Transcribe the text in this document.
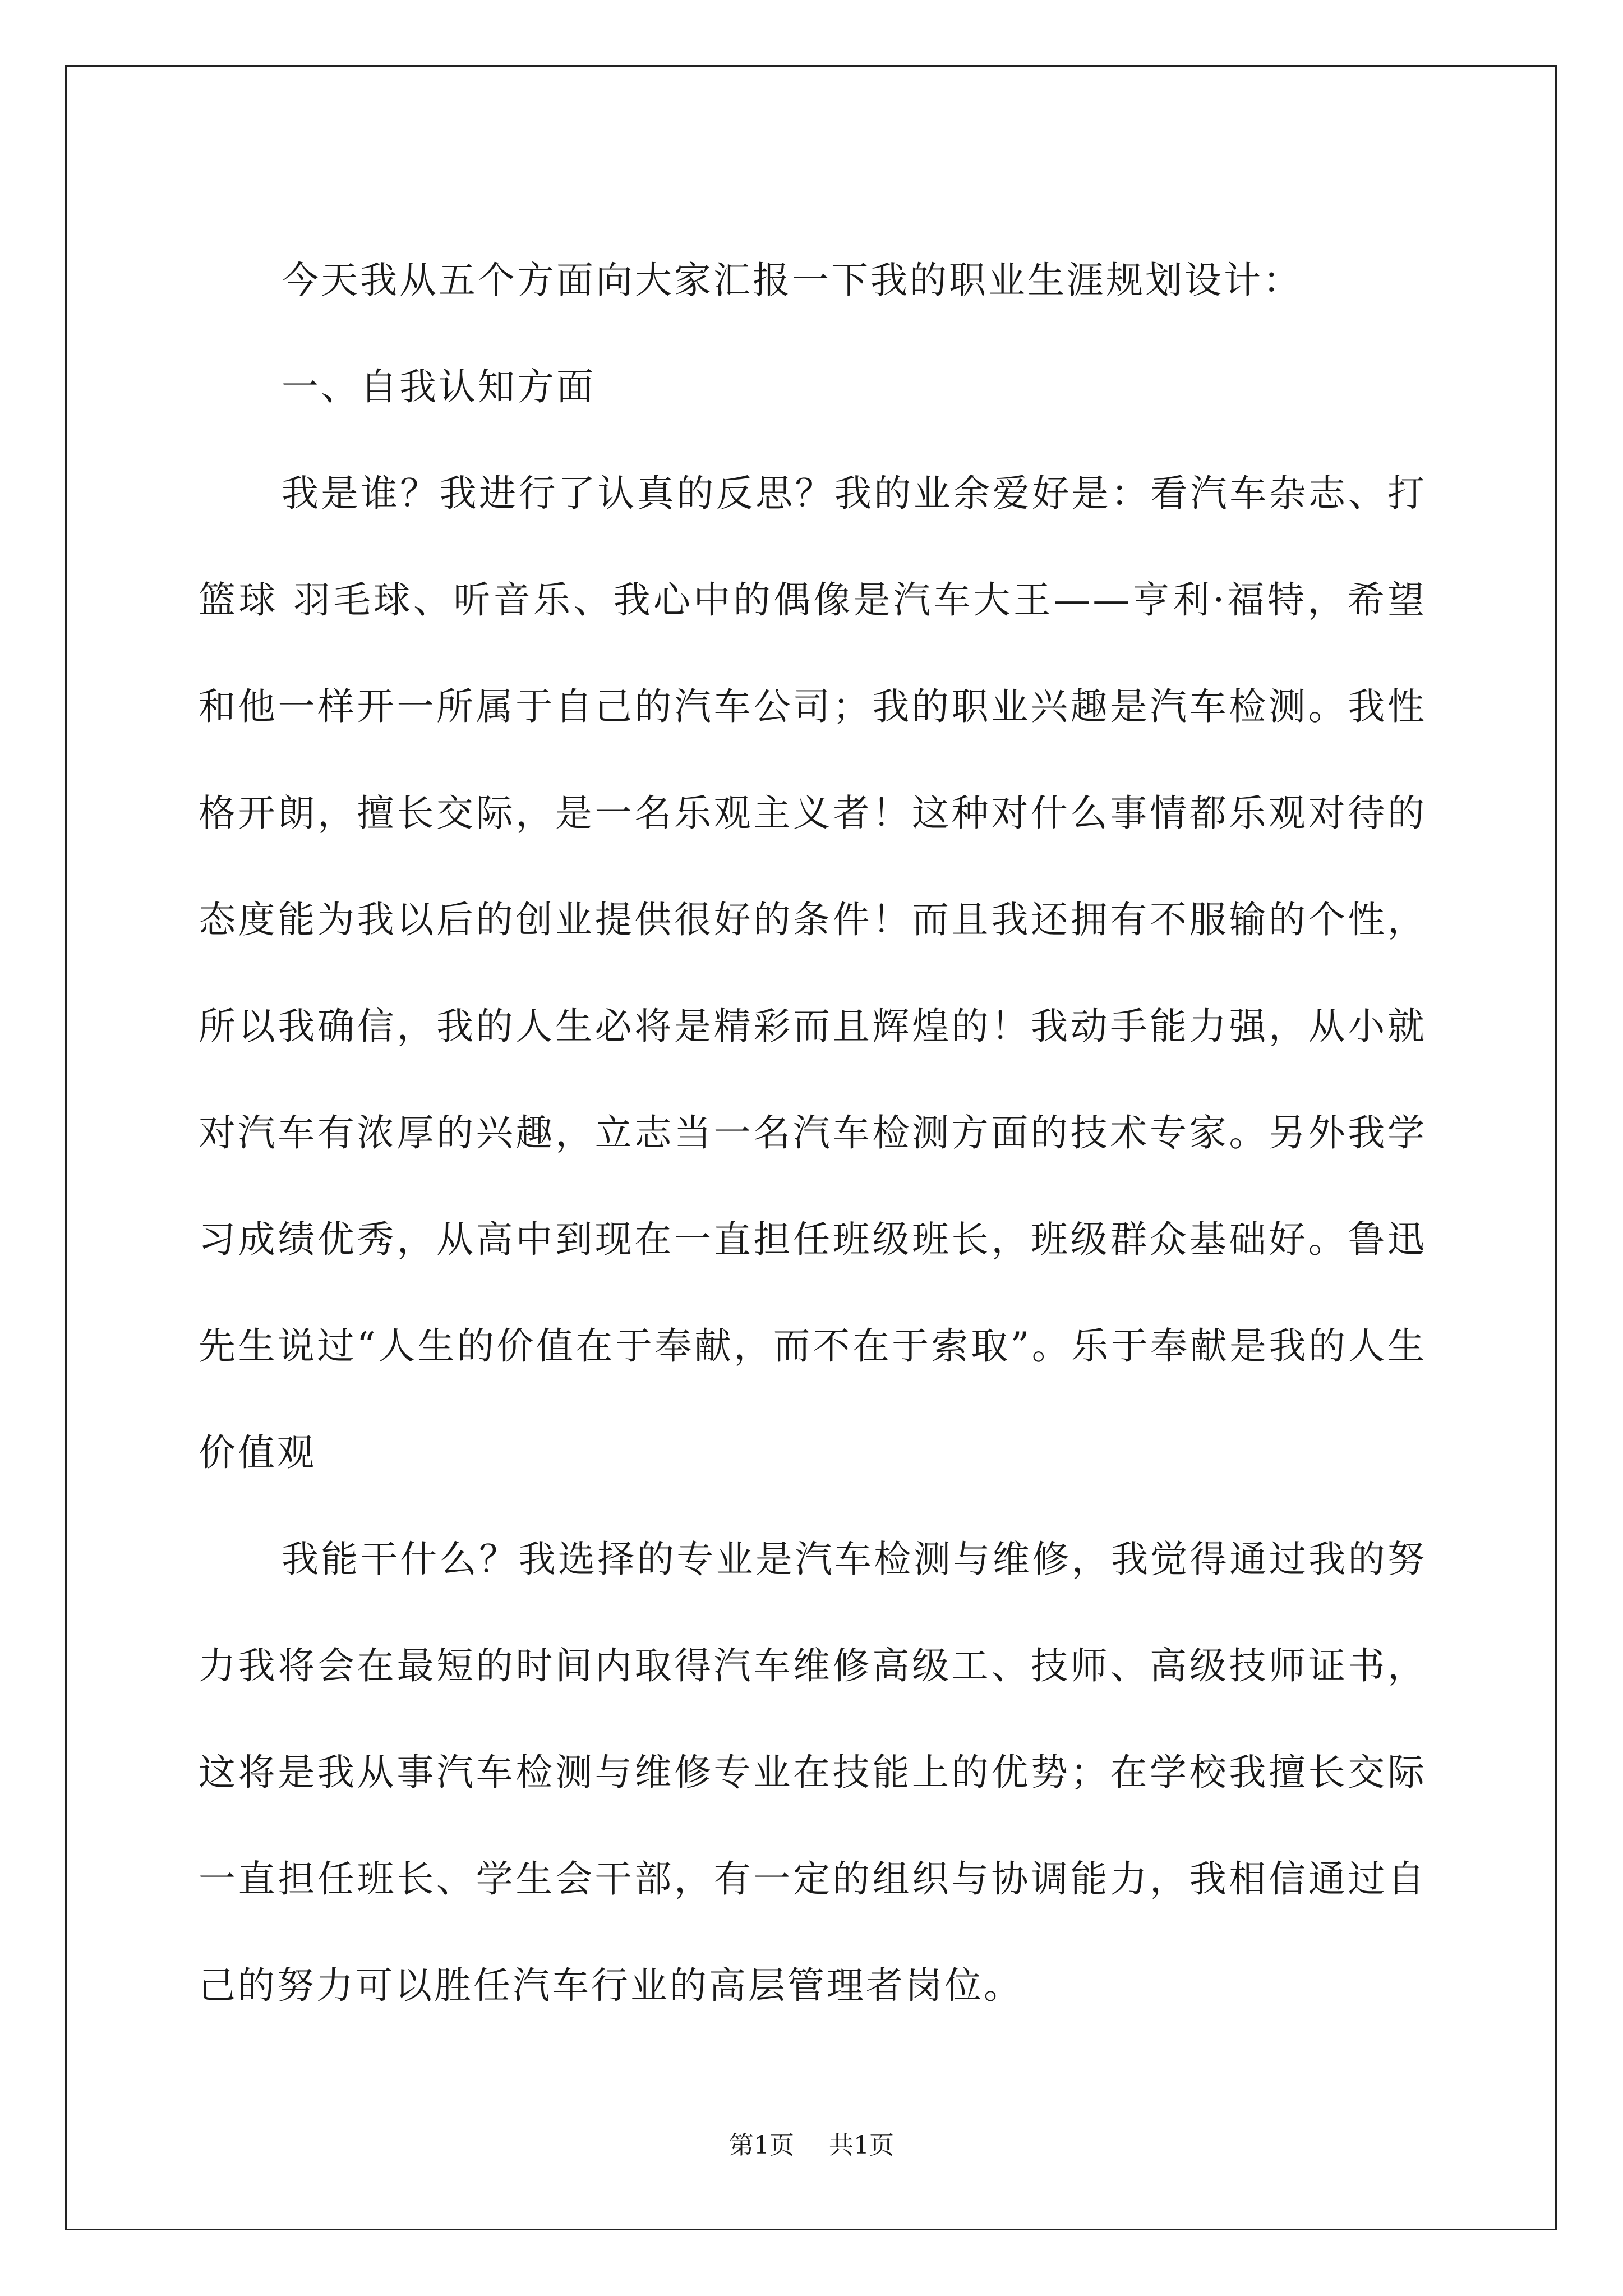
今天我从五个方面向大家汇报一下我的职业生涯规划设计：

一、自我认知方面

我是谁？我进行了认真的反思？我的业余爱好是：看汽车杂志、打篮球 羽毛球、听音乐、我心中的偶像是汽车大王——亨利·福特，希望和他一样开一所属于自己的汽车公司；我的职业兴趣是汽车检测。我性格开朗，擅长交际，是一名乐观主义者！这种对什么事情都乐观对待的态度能为我以后的创业提供很好的条件！而且我还拥有不服输的个性，所以我确信，我的人生必将是精彩而且辉煌的！我动手能力强，从小就对汽车有浓厚的兴趣，立志当一名汽车检测方面的技术专家。另外我学习成绩优秀，从高中到现在一直担任班级班长，班级群众基础好。鲁迅先生说过“人生的价值在于奉献，而不在于索取”。乐于奉献是我的人生价值观

我能干什么？我选择的专业是汽车检测与维修，我觉得通过我的努力我将会在最短的时间内取得汽车维修高级工、技师、高级技师证书，这将是我从事汽车检测与维修专业在技能上的优势；在学校我擅长交际一直担任班长、学生会干部，有一定的组织与协调能力，我相信通过自己的努力可以胜任汽车行业的高层管理者岗位。

第1页 共1页
